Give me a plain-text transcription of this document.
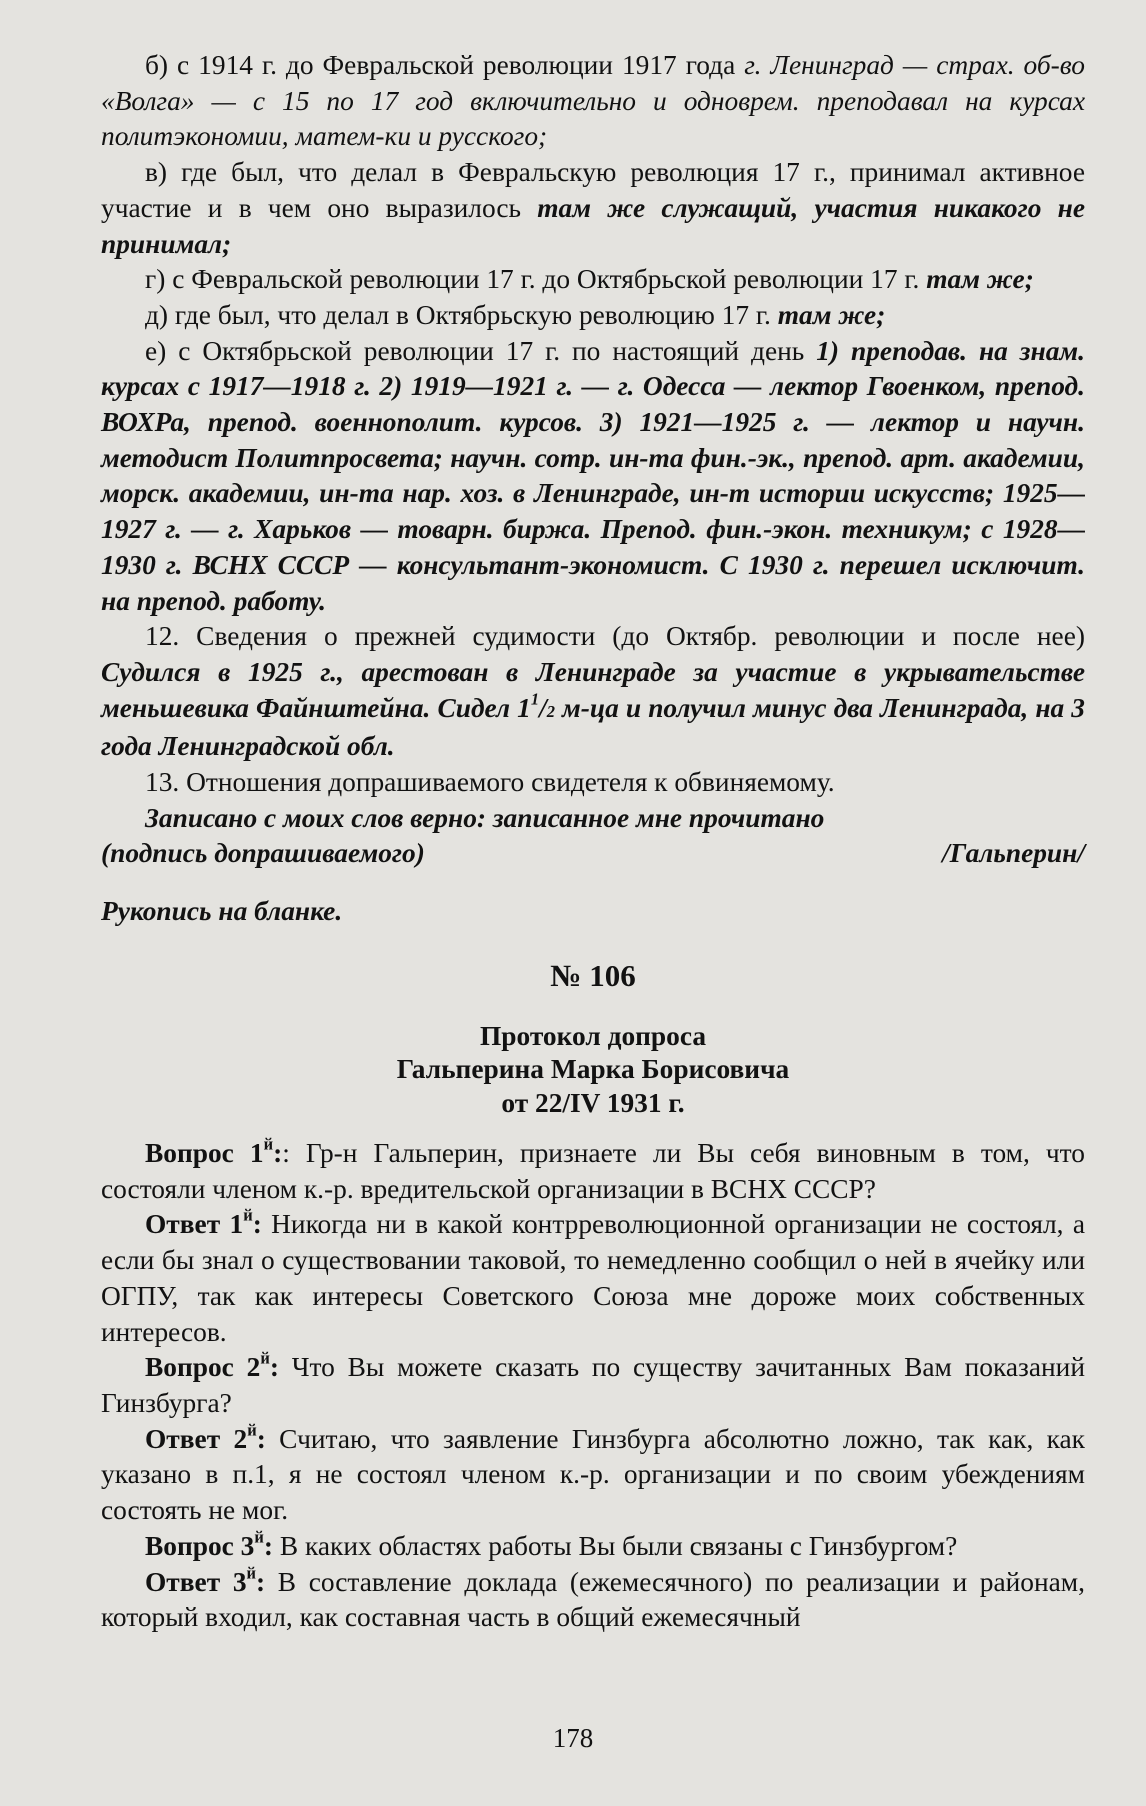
б) с 1914 г. до Февральской революции 1917 года г. Ленинград — страх. об-во «Волга» — с 15 по 17 год включительно и одноврем. преподавал на курсах политэкономии, матем-ки и русского;

в) где был, что делал в Февральскую революция 17 г., принимал активное участие и в чем оно выразилось там же служащий, участия никакого не принимал;

г) с Февральской революции 17 г. до Октябрьской революции 17 г. там же;

д) где был, что делал в Октябрьскую революцию 17 г. там же;

е) с Октябрьской революции 17 г. по настоящий день 1) преподав. на знам. курсах с 1917—1918 г. 2) 1919—1921 г. — г. Одесса — лектор Гвоенком, препод. ВОХРа, препод. военнополит. курсов. 3) 1921—1925 г. — лектор и научн. методист Политпросвета; научн. сотр. ин-та фин.-эк., препод. арт. академии, морск. академии, ин-та нар. хоз. в Ленинграде, ин-т истории искусств; 1925—1927 г. — г. Харьков — товарн. биржа. Препод. фин.-экон. техникум; с 1928—1930 г. ВСНХ СССР — консультант-экономист. С 1930 г. перешел исключит. на препод. работу.

12. Сведения о прежней судимости (до Октябр. революции и после нее) Судился в 1925 г., арестован в Ленинграде за участие в укрывательстве меньшевика Файнштейна. Сидел $1^1/2$ м-ца и получил минус два Ленинграда, на 3 года Ленинградской обл.

13. Отношения допрашиваемого свидетеля к обвиняемому.

Записано с моих слов верно: записанное мне прочитано

(подпись допрашиваемого)	/Гальперин/

Рукопись на бланке.

№ 106
Протокол допроса
Гальперина Марка Борисовича
от 22/IV 1931 г.

Вопрос $1^й$:: Гр-н Гальперин, признаете ли Вы себя виновным в том, что состояли членом к.-р. вредительской организации в ВСНХ СССР?

Ответ $1^й$: Никогда ни в какой контрреволюционной организации не состоял, а если бы знал о существовании таковой, то немедленно сообщил о ней в ячейку или ОГПУ, так как интересы Советского Союза мне дороже моих собственных интересов.

Вопрос $2^й$: Что Вы можете сказать по существу зачитанных Вам показаний Гинзбурга?

Ответ $2^й$: Считаю, что заявление Гинзбурга абсолютно ложно, так как, как указано в п.1, я не состоял членом к.-р. организации и по своим убеждениям состоять не мог.

Вопрос $3^й$: В каких областях работы Вы были связаны с Гинзбургом?

Ответ $3^й$: В составление доклада (ежемесячного) по реализации и районам, который входил, как составная часть в общий ежемесячный

178
